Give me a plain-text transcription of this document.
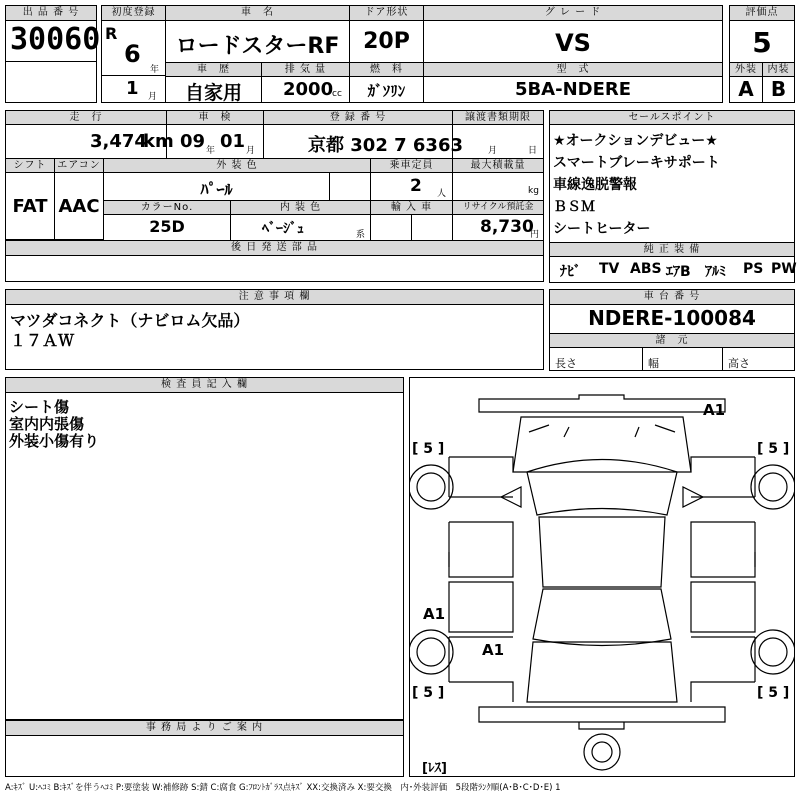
出 品 番 号
30060
初度登録
R
6
年
1 月
車　名
ロードスターRF
ドア形状
20P
グ レ ー ド
VS
評価点
5
車　歴
自家用
排 気 量
2000
cc
燃　料
ｶﾞｿﾘﾝ
型　式
5BA-NDERE
外装	内装
A B
走　行
3,474
km
車　検
09 年 01 月
登 録 番 号
京都 302 7 6363
譲渡書類期限
月	日
シフト
FAT
エアコン
AAC
外 装 色
ﾊﾟｰﾙ
乗車定員
2 人
最大積載量
kg
カラーNo.
25D
内 装 色
ﾍﾞｰｼﾞｭ	系
輸 入 車	リサイクル預託金
8,730
円
後 日 発 送 部 品
セールスポイント
★オークションデビュー★
スマートブレーキサポート
車線逸脱警報
ＢＳＭ
シートヒーター
純 正 装 備
ﾅﾋﾞ TV ABS ｴｱB ｱﾙﾐ PS PW
注 意 事 項 欄
マツダコネクト（ナビロム欠品）
１７ＡＷ
車 台 番 号
NDERE-100084
諸　元
長さ	幅	高さ
検 査 員 記 入 欄
シート傷
室内内張傷
外装小傷有り
事 務 局 よ り ご 案 内
A1
A1
A1
[ 5 ]	[ 5 ]
[ 5 ]	[ 5 ]
[ﾚｽ]
A:ｷｽﾞ U:ﾍｺﾐ B:ｷｽﾞを伴うﾍｺﾐ P:要塗装 W:補修跡 S:錆 C:腐食 G:ﾌﾛﾝﾄｶﾞﾗｽ点ｷｽﾞ XX:交換済み X:要交換　内･外装評価　5段階ﾗﾝｸ順(A･B･C･D･E) 1
